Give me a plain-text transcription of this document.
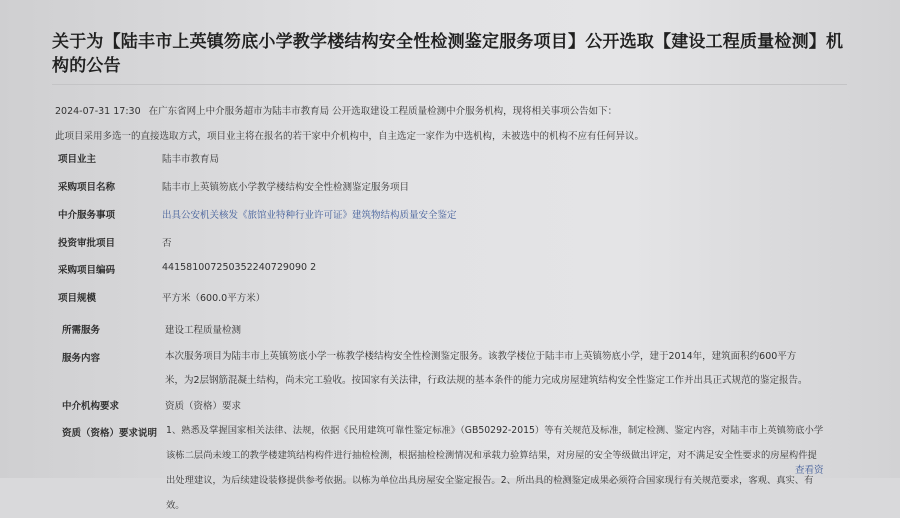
关于为【陆丰市上英镇笏底小学教学楼结构安全性检测鉴定服务项目】公开选取【建设工程质量检测】机构的公告
2024-07-31 17:30 在广东省网上中介服务超市为陆丰市教育局 公开选取建设工程质量检测中介服务机构，现将相关事项公告如下：
此项目采用多选一的直接选取方式，项目业主将在报名的若干家中介机构中，自主选定一家作为中选机构，未被选中的机构不应有任何异议。
项目业主	陆丰市教育局
采购项目名称	陆丰市上英镇笏底小学教学楼结构安全性检测鉴定服务项目
中介服务事项	出具公安机关核发《旅馆业特种行业许可证》建筑物结构质量安全鉴定
投资审批项目	否
采购项目编码	441581007250352240729090 2
项目规模	平方米（600.0平方米）
所需服务	建设工程质量检测
服务内容	本次服务项目为陆丰市上英镇笏底小学一栋教学楼结构安全性检测鉴定服务。该教学楼位于陆丰市上英镇笏底小学，建于2014年，建筑面积约600平方米，为2层钢筋混凝土结构，尚未完工验收。按国家有关法律，行政法规的基本条件的能力完成房屋建筑结构安全性鉴定工作并出具正式规范的鉴定报告。
中介机构要求	资质（资格）要求
资质（资格）要求说明 1、熟悉及掌握国家相关法律、法规，依据《民用建筑可靠性鉴定标准》（GB50292-2015）等有关规范及标准，制定检测、鉴定内容，对陆丰市上英镇笏底小学该栋二层尚未竣工的教学楼建筑结构构件进行抽检检测，根据抽检检测情况和承载力验算结果，对房屋的安全等级做出评定，对不满足安全性要求的房屋构件提出处理建议，为后续建设装修提供参考依据。以栋为单位出具房屋安全鉴定报告。2、所出具的检测鉴定成果必须符合国家现行有关规范要求，客观、真实、有效。
查看资
